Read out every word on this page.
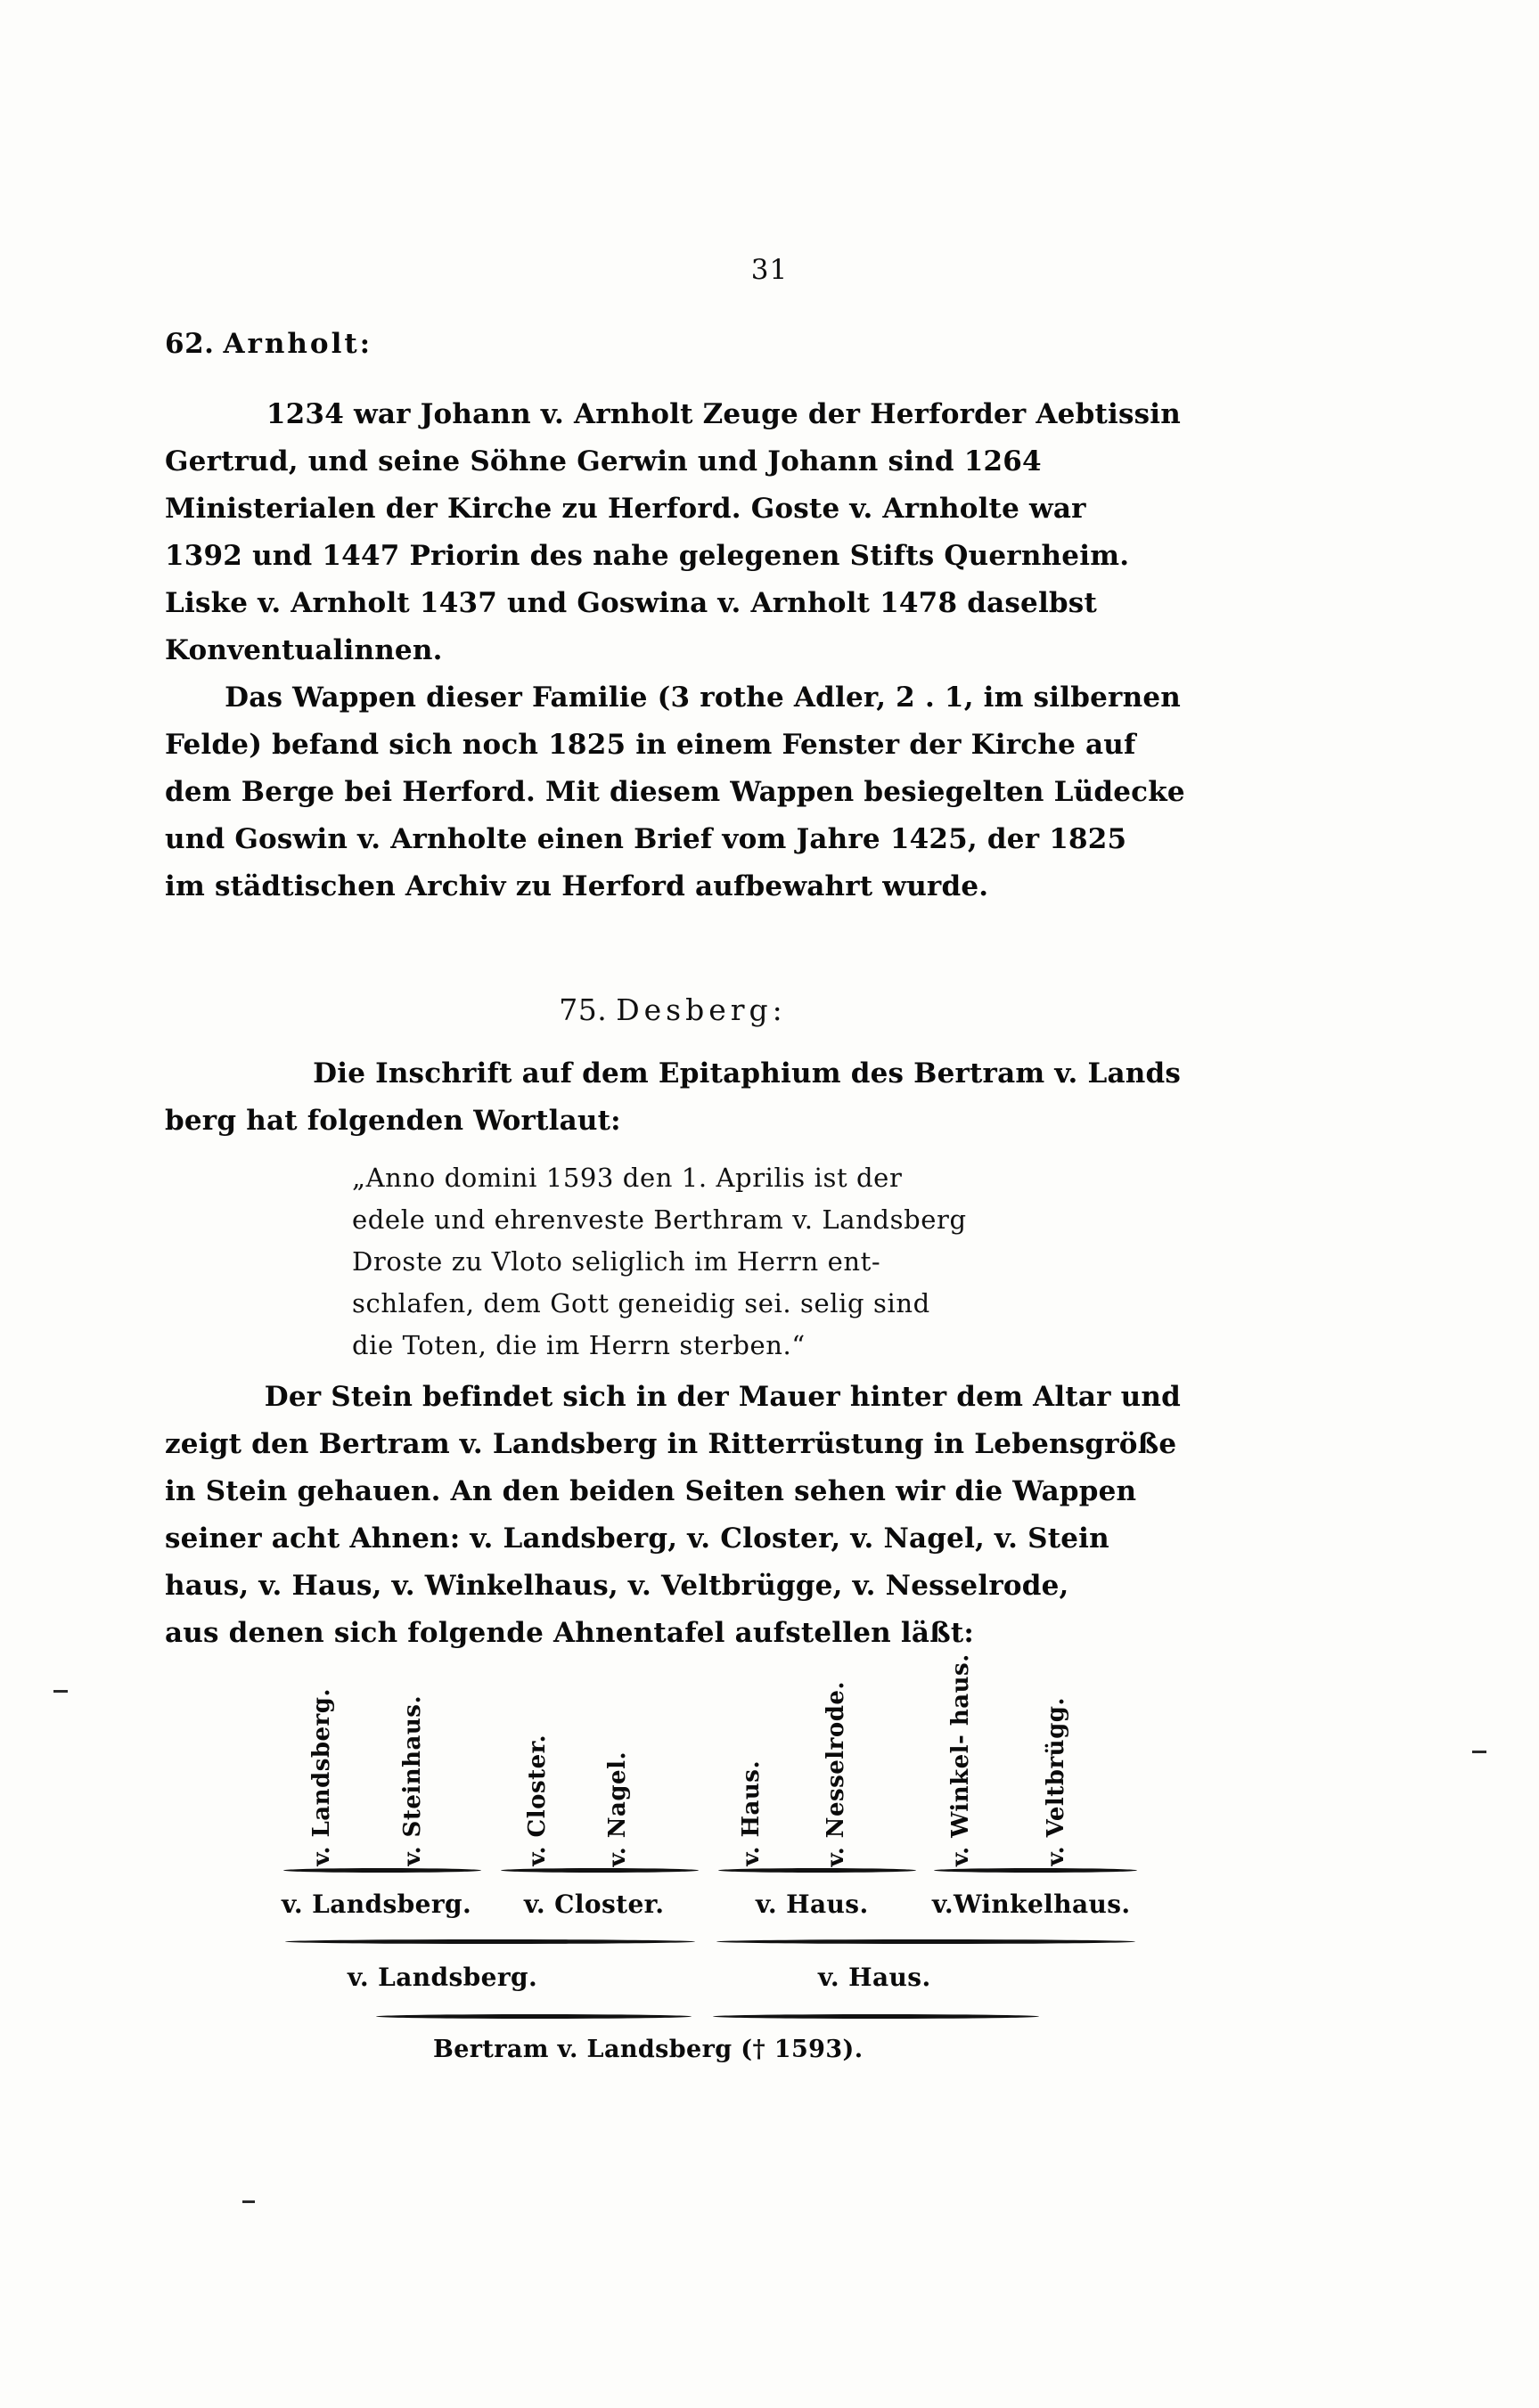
31
62. Arnholt:
1234 war Johann v. Arnholt Zeuge der Herforder Aebtissin
Gertrud, und seine Söhne Gerwin und Johann sind 1264
Ministerialen der Kirche zu Herford. Goste v. Arnholte war
1392 und 1447 Priorin des nahe gelegenen Stifts Quernheim.
Liske v. Arnholt 1437 und Goswina v. Arnholt 1478 daselbst
Konventualinnen.
Das Wappen dieser Familie (3 rothe Adler, 2 . 1, im silbernen
Felde) befand sich noch 1825 in einem Fenster der Kirche auf
dem Berge bei Herford. Mit diesem Wappen besiegelten Lüdecke
und Goswin v. Arnholte einen Brief vom Jahre 1425, der 1825
im städtischen Archiv zu Herford aufbewahrt wurde.
75. Desberg:
Die Inschrift auf dem Epitaphium des Bertram v. Lands
berg hat folgenden Wortlaut:
„Anno domini 1593 den 1. Aprilis ist der
edele und ehrenveste Berthram v. Landsberg
Droste zu Vloto seliglich im Herrn ent-
schlafen, dem Gott geneidig sei. selig sind
die Toten, die im Herrn sterben.“
Der Stein befindet sich in der Mauer hinter dem Altar und
zeigt den Bertram v. Landsberg in Ritterrüstung in Lebensgröße
in Stein gehauen. An den beiden Seiten sehen wir die Wappen
seiner acht Ahnen: v. Landsberg, v. Closter, v. Nagel, v. Stein
haus, v. Haus, v. Winkelhaus, v. Veltbrügge, v. Nesselrode,
aus denen sich folgende Ahnentafel aufstellen läßt:
v. Landsberg.	v. Steinhaus.	v. Closter. v. Nagel.	v. Haus.	v. Nesselrode.	v. Winkel- haus.	v. Veltbrügg.
v. Landsberg. v. Closter.	v. Haus.	v.Winkelhaus.
v. Landsberg.	v. Haus.
Bertram v. Landsberg († 1593).
